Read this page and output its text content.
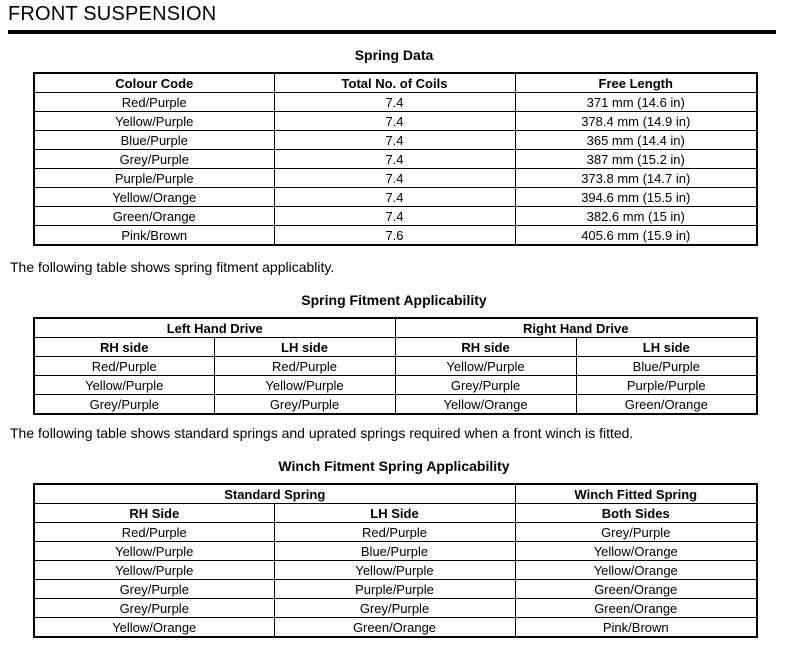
FRONT SUSPENSION
Spring Data
Colour Code	Total No. of Coils	Free Length
Red/Purple	7.4	371 mm (14.6 in)
Yellow/Purple	7.4	378.4 mm (14.9 in)
Blue/Purple	7.4	365 mm (14.4 in)
Grey/Purple	7.4	387 mm (15.2 in)
Purple/Purple	7.4	373.8 mm (14.7 in)
Yellow/Orange	7.4	394.6 mm (15.5 in)
Green/Orange	7.4	382.6 mm (15 in)
Pink/Brown	7.6	405.6 mm (15.9 in)
The following table shows spring fitment applicablity.
Spring Fitment Applicability
Left Hand Drive		Right Hand Drive	
RH side	LH side	RH side	LH side
Red/Purple	Red/Purple	Yellow/Purple	Blue/Purple
Yellow/Purple	Yellow/Purple	Grey/Purple	Purple/Purple
Grey/Purple	Grey/Purple	Yellow/Orange	Green/Orange
The following table shows standard springs and uprated springs required when a front winch is fitted.
Winch Fitment Spring Applicability
Standard Spring		Winch Fitted Spring
RH Side	LH Side	Both Sides
Red/Purple	Red/Purple	Grey/Purple
Yellow/Purple	Blue/Purple	Yellow/Orange
Yellow/Purple	Yellow/Purple	Yellow/Orange
Grey/Purple	Purple/Purple	Green/Orange
Grey/Purple	Grey/Purple	Green/Orange
Yellow/Orange	Green/Orange	Pink/Brown
